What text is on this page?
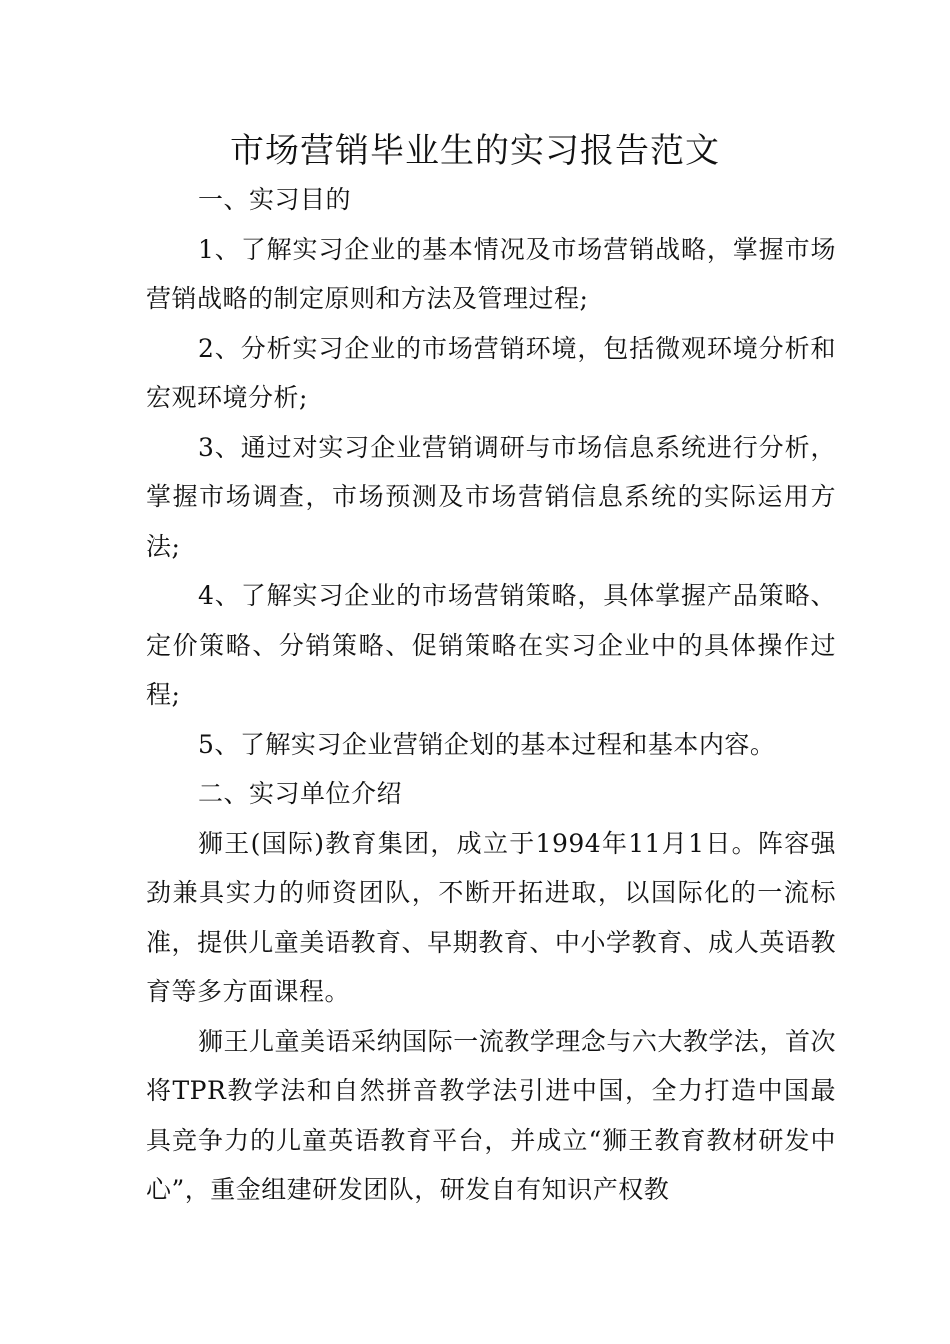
市场营销毕业生的实习报告范文

一、实习目的

1、了解实习企业的基本情况及市场营销战略，掌握市场营销战略的制定原则和方法及管理过程;

2、分析实习企业的市场营销环境，包括微观环境分析和宏观环境分析;

3、通过对实习企业营销调研与市场信息系统进行分析，掌握市场调查，市场预测及市场营销信息系统的实际运用方法;

4、了解实习企业的市场营销策略，具体掌握产品策略、定价策略、分销策略、促销策略在实习企业中的具体操作过程;

5、了解实习企业营销企划的基本过程和基本内容。

二、实习单位介绍

狮王(国际)教育集团，成立于1994年11月1日。阵容强劲兼具实力的师资团队，不断开拓进取，以国际化的一流标准，提供儿童美语教育、早期教育、中小学教育、成人英语教育等多方面课程。

狮王儿童美语采纳国际一流教学理念与六大教学法，首次将TPR教学法和自然拼音教学法引进中国，全力打造中国最具竞争力的儿童英语教育平台，并成立“狮王教育教材研发中心”，重金组建研发团队，研发自有知识产权教
